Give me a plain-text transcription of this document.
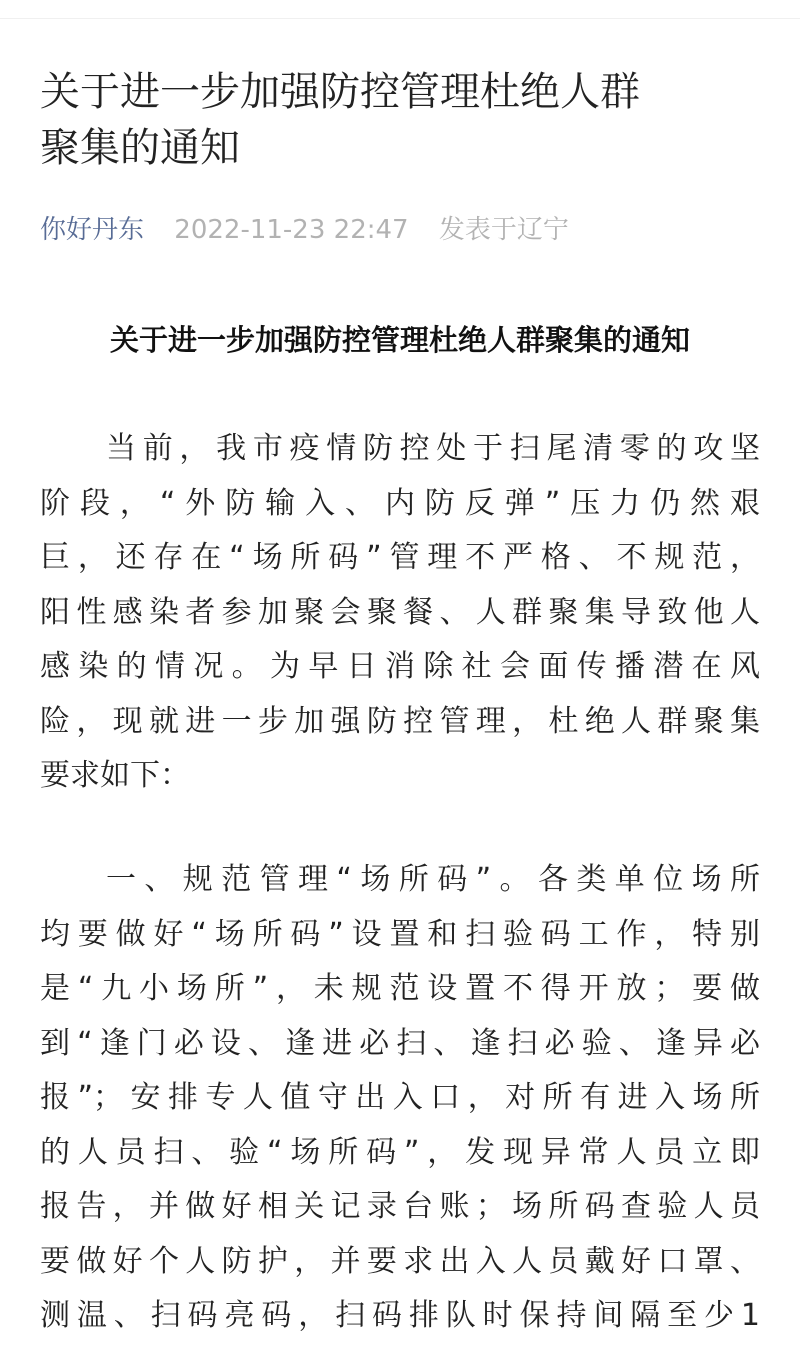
关于进一步加强防控管理杜绝人群
聚集的通知
你好丹东 2022-11-23 22:47 发表于辽宁
关于进一步加强防控管理杜绝人群聚集的通知
当前，我市疫情防控处于扫尾清零的攻坚
阶段，“外防输入、内防反弹”压力仍然艰
巨，还存在“场所码”管理不严格、不规范，
阳性感染者参加聚会聚餐、人群聚集导致他人
感染的情况。为早日消除社会面传播潜在风
险，现就进一步加强防控管理，杜绝人群聚集
要求如下：
一、规范管理“场所码”。各类单位场所
均要做好“场所码”设置和扫验码工作，特别
是“九小场所”，未规范设置不得开放；要做
到“逢门必设、逢进必扫、逢扫必验、逢异必
报”；安排专人值守出入口，对所有进入场所
的人员扫、验“场所码”，发现异常人员立即
报告，并做好相关记录台账；场所码查验人员
要做好个人防护，并要求出入人员戴好口罩、
测温、扫码亮码，扫码排队时保持间隔至少1
